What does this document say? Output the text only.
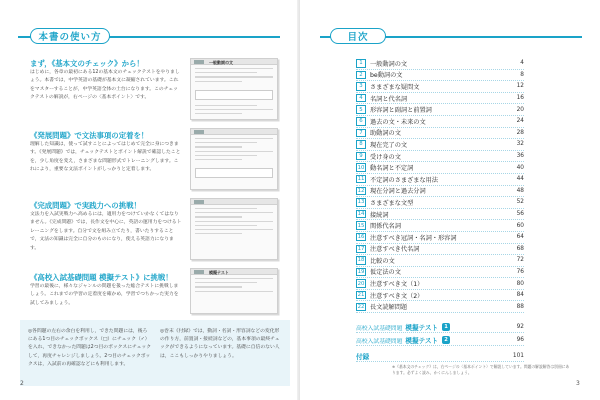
本書の使い方
まず，《基本文のチェック》から！
はじめに，各章の最初にある12の基本文のチェックテストをやりましょう。本書では，中学英語の基礎が基本文に凝縮されています。これをマスターすることが，中学英語全体の土台になります。このチェックテストの解説が，右ページの〈基本ポイント〉です。
《発展問題》で文法事項の定着を！
理解した知識は，使って試すことによってはじめて完全に身につきます。《発展問題》では，チェックテストとポイント解説で確認したことを，少し角度を変え，さまざまな問題形式でトレーニングします。これにより，重要な文法ポイントがしっかりと定着します。
《完成問題》で実践力への挑戦！
文法力を入試実戦力へ高めるには，適用力をつけていかなくてはなりません。《完成問題》では，長作文を中心に，英語の運用力をつけるトレーニングをします。自分で文を組み立てたり，書いたりすることで，文法の知識は完全に自分のものになり，使える英語力になります。
《高校入試基礎問題 模擬テスト》に挑戦！
学習の最後に，様々なジャンルの問題を扱った総合テストに挑戦しましょう。これまでの学習の定着度を確かめ，学習でつちかった実力を試してみましょう。
一般動詞の文
模擬テスト
◎各問題の左右の余白を利用し，できた問題には，後ろにある1つ目のチェックボックス（□）にチェック（✓）を入れ，できなかった問題は2つ目のボックスにチェックして，再度チャレンジしましょう。2つ目のチェックボックスは，入試前の再確認などにも利用します。
◎巻末《付録》では，動詞・名詞・形容詞などの変化形の作り方，前置詞・接続詞などの，基本事項の最終チェックができるようになっています。基礎に自信のない人は，ここもしっかりやりましょう。
2
目次
3
1	一般動詞の文	4
2	be動詞の文	8
3	さまざまな疑問文	12
4	名詞と代名詞	16
5	形容詞と副詞と前置詞	20
6	過去の文・未来の文	24
7	助動詞の文	28
8	現在完了の文	32
9	受け身の文	36
10 動名詞と不定詞	40
11 不定詞のさまざまな用法	44
12 現在分詞と過去分詞	48
13 さまざまな文型	52
14 接続詞	56
15 関係代名詞	60
16 注意すべき冠詞・名詞・形容詞	64
17 注意すべき代名詞	68
18 比較の文	72
19 仮定法の文	76
20 注意すべき文（1）	80
21 注意すべき文（2）	84
22 長文読解問題	88
高校入試基礎問題 模擬テスト	1	92
高校入試基礎問題 模擬テスト	2	96
付録	101
※《基本文のチェック》は，右ページの〈基本ポイント〉で解説しています。問題の解説解答は別冊にあります。必ずよく読み，かくにんしましょう。
